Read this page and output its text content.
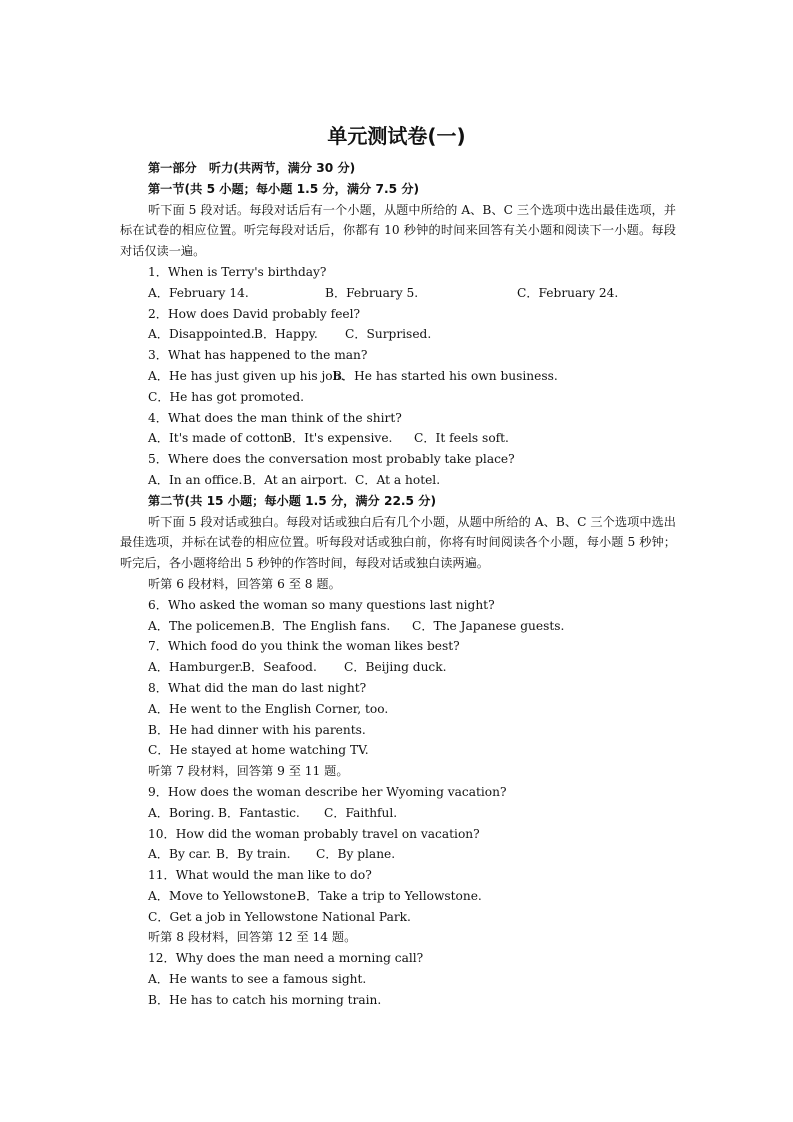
单元测试卷(一)
第一部分　听力(共两节，满分 30 分)
第一节(共 5 小题；每小题 1.5 分，满分 7.5 分)
听下面 5 段对话。每段对话后有一个小题，从题中所给的 A、B、C 三个选项中选出最佳选项，并标在试卷的相应位置。听完每段对话后，你都有 10 秒钟的时间来回答有关小题和阅读下一小题。每段对话仅读一遍。
1．When is Terry's birthday?
A．February 14.	B．February 5.	C．February 24.
2．How does David probably feel?
A．Disappointed.B．Happy. C．Surprised.
3．What has happened to the man?
A．He has just given up his job.B．He has started his own business.
C．He has got promoted.
4．What does the man think of the shirt?
A．It's made of cotton.B．It's expensive. C．It feels soft.
5．Where does the conversation most probably take place?
A．In an office.B．At an airport. C．At a hotel.
第二节(共 15 小题；每小题 1.5 分，满分 22.5 分)
听下面 5 段对话或独白。每段对话或独白后有几个小题，从题中所给的 A、B、C 三个选项中选出最佳选项，并标在试卷的相应位置。听每段对话或独白前，你将有时间阅读各个小题，每小题 5 秒钟；听完后，各小题将给出 5 秒钟的作答时间，每段对话或独白读两遍。
听第 6 段材料，回答第 6 至 8 题。
6．Who asked the woman so many questions last night?
A．The policemen.B．The English fans. C．The Japanese guests.
7．Which food do you think the woman likes best?
A．Hamburger.B．Seafood. C．Beijing duck.
8．What did the man do last night?
A．He went to the English Corner, too.
B．He had dinner with his parents.
C．He stayed at home watching TV.
听第 7 段材料，回答第 9 至 11 题。
9．How does the woman describe her Wyoming vacation?
A．Boring. B．Fantastic. C．Faithful.
10．How did the woman probably travel on vacation?
A．By car. B．By train. C．By plane.
11．What would the man like to do?
A．Move to Yellowstone.B．Take a trip to Yellowstone.
C．Get a job in Yellowstone National Park.
听第 8 段材料，回答第 12 至 14 题。
12．Why does the man need a morning call?
A．He wants to see a famous sight.
B．He has to catch his morning train.
